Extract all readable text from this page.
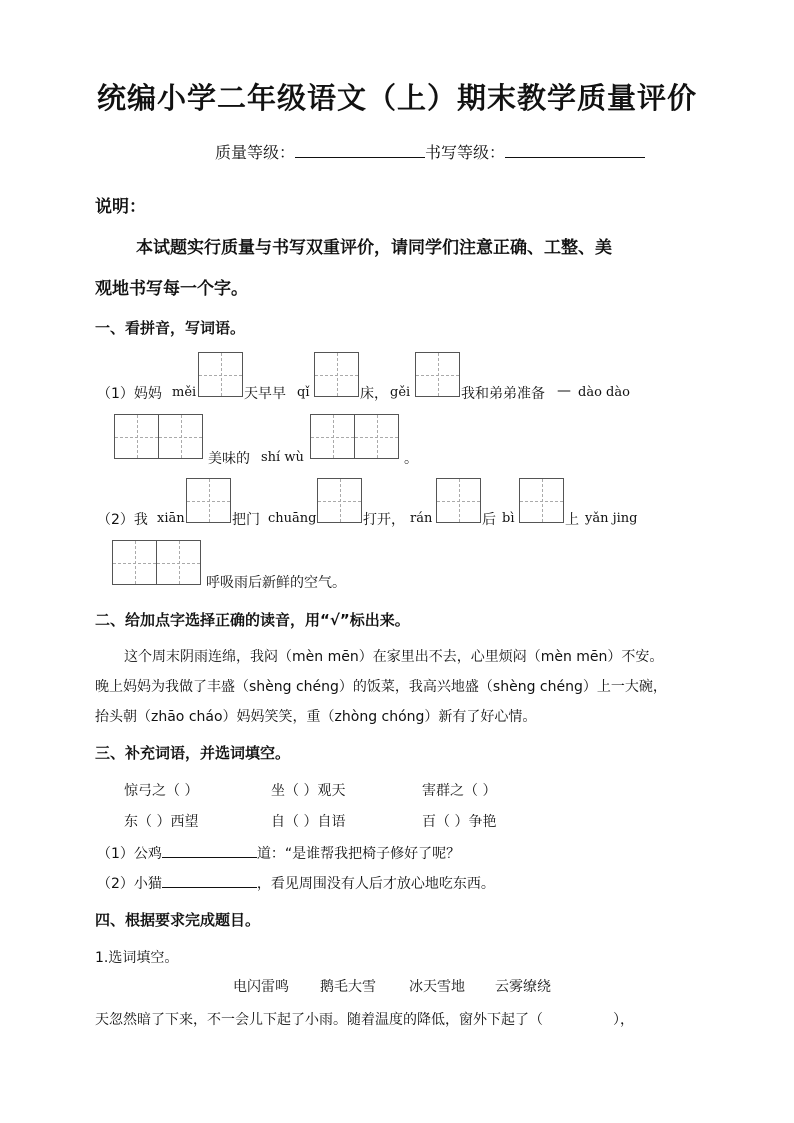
统编小学二年级语文（上）期末教学质量评价
质量等级：	书写等级：
说明：
本试题实行质量与书写双重评价，请同学们注意正确、工整、美
观地书写每一个字。
一、看拼音，写词语。
（1）妈妈 měi	天早早 qǐ	床， gěi	我和弟弟准备 — dào dào
美味的 shí wù	。
（2）我 xiān	把门 chuāng	打开， rán	后 bì	上 yǎn jing
呼吸雨后新鲜的空气。
二、给加点字选择正确的读音，用“√”标出来。
这个周末阴雨连绵，我闷（mèn mēn）在家里出不去，心里烦闷（mèn mēn）不安。
晚上妈妈为我做了丰盛（shèng chéng）的饭菜，我高兴地盛（shèng chéng）上一大碗，
抬头朝（zhāo cháo）妈妈笑笑，重（zhòng chóng）新有了好心情。
三、补充词语，并选词填空。
惊弓之（ ）	坐（ ）观天	害群之（ ）
东（ ）西望	自（ ）自语	百（ ）争艳
（1）公鸡	道：“是谁帮我把椅子修好了呢？
（2）小猫	，看见周围没有人后才放心地吃东西。
四、根据要求完成题目。
1.选词填空。
电闪雷鸣 鹅毛大雪 冰天雪地 云雾缭绕
天忽然暗了下来，不一会儿下起了小雨。随着温度的降低，窗外下起了（	），
